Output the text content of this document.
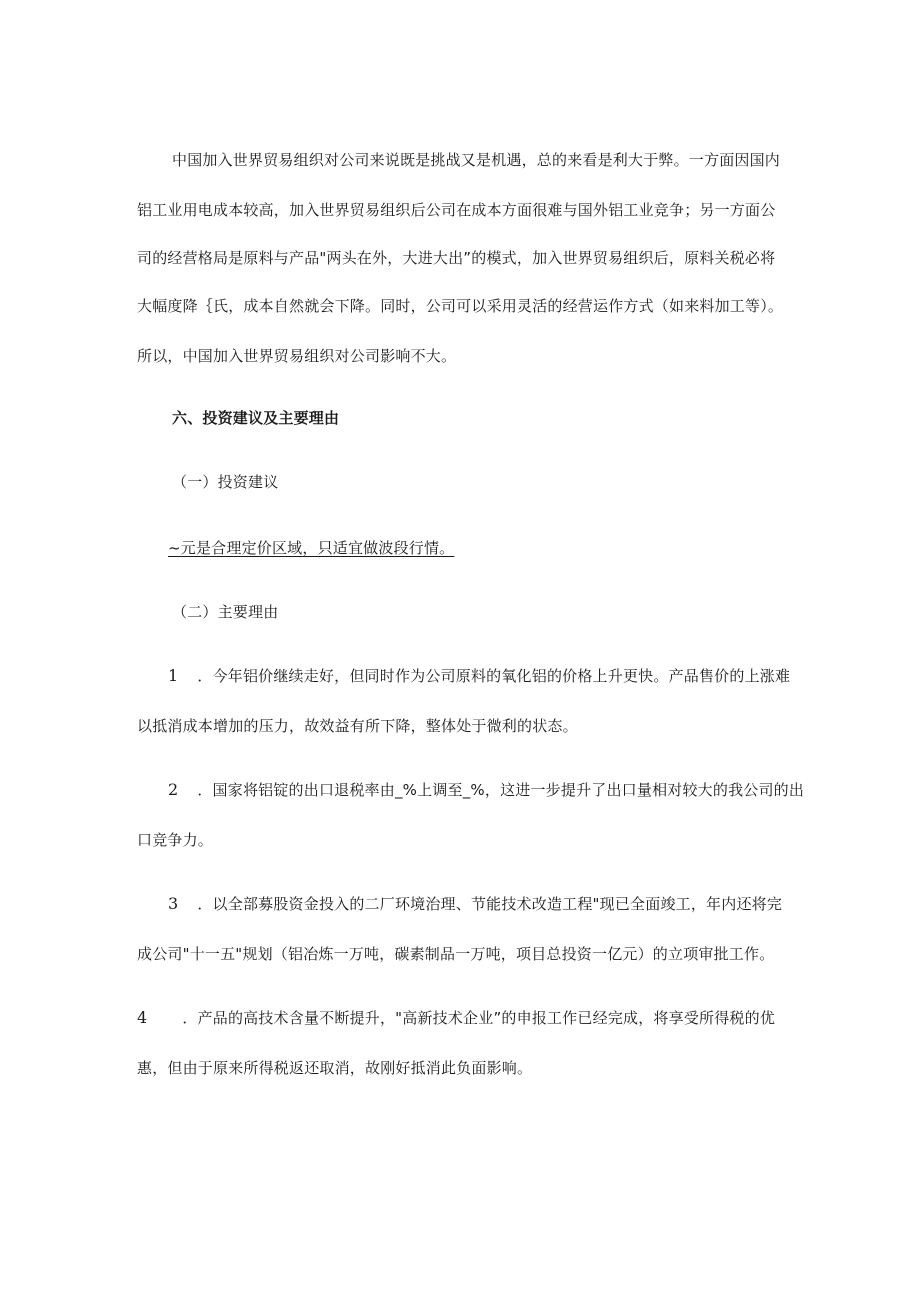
中国加入世界贸易组织对公司来说既是挑战又是机遇，总的来看是利大于弊。一方面因国内
铝工业用电成本较高，加入世界贸易组织后公司在成本方面很难与国外铝工业竞争；另一方面公
司的经营格局是原料与产品"两头在外，大进大出”的模式，加入世界贸易组织后，原料关税必将
大幅度降｛氏，成本自然就会下降。同时，公司可以采用灵活的经营运作方式（如来料加工等）。
所以，中国加入世界贸易组织对公司影响不大。
六、投资建议及主要理由
（一）投资建议
~元是合理定价区域，只适宜做波段行情。
（二）主要理由
1 ．今年铝价继续走好，但同时作为公司原料的氧化铝的价格上升更快。产品售价的上涨难
以抵消成本增加的压力，故效益有所下降，整体处于微利的状态。
2 ．国家将铝锭的出口退税率由_%上调至_%，这进一步提升了出口量相对较大的我公司的出
口竞争力。
3 ．以全部募股资金投入的二厂环境治理、节能技术改造工程"现已全面竣工，年内还将完
成公司"十一五"规划（铝冶炼一万吨，碳素制品一万吨，项目总投资一亿元）的立项审批工作。
4 ．产品的高技术含量不断提升，"高新技术企业”的申报工作已经完成，将享受所得税的优
惠，但由于原来所得税返还取消，故刚好抵消此负面影响。
